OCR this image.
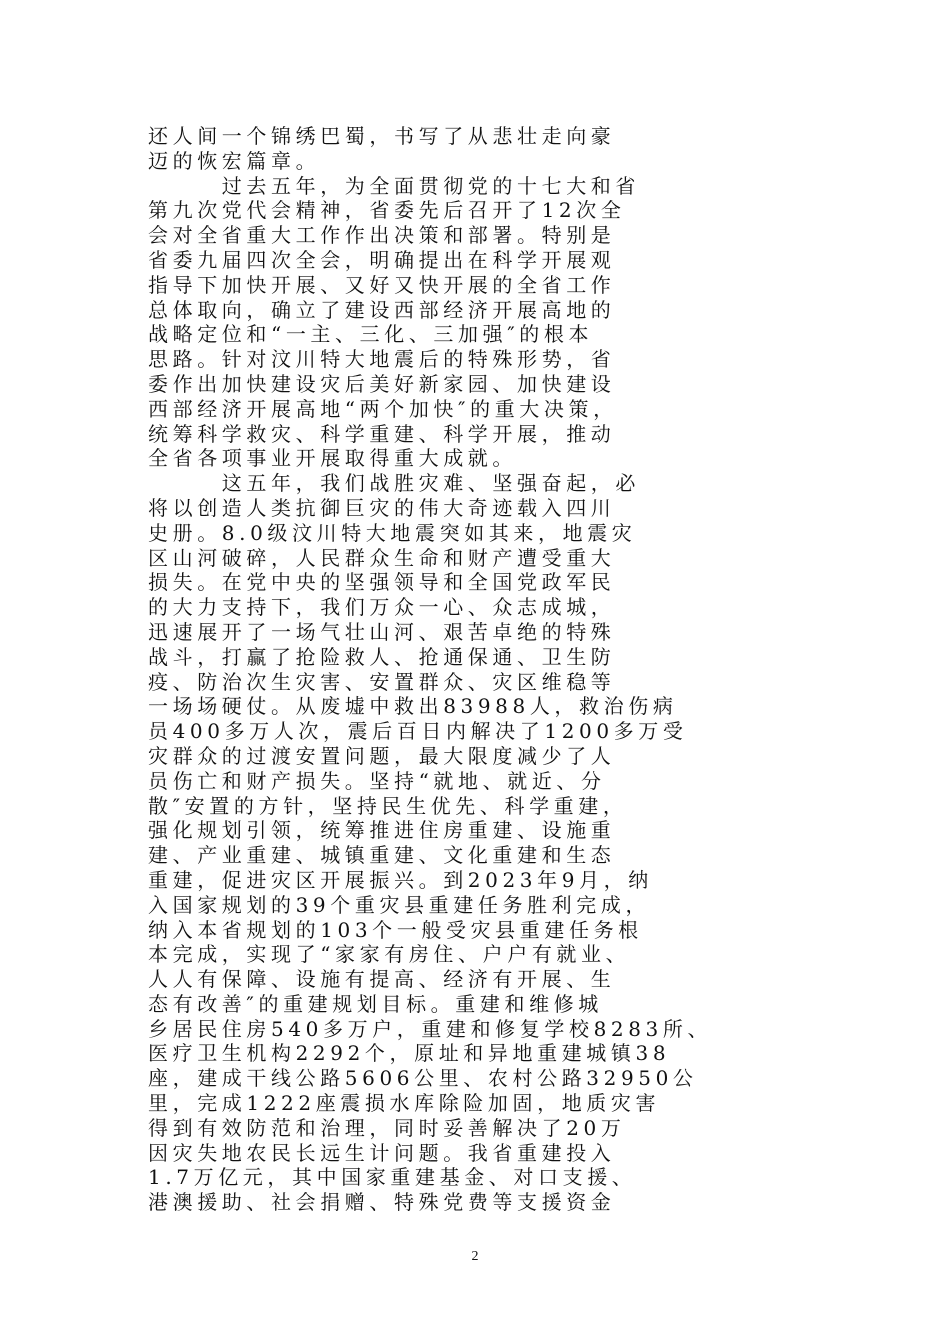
还人间一个锦绣巴蜀，书写了从悲壮走向豪
迈的恢宏篇章。
　　　过去五年，为全面贯彻党的十七大和省
第九次党代会精神，省委先后召开了12次全
会对全省重大工作作出决策和部署。特别是
省委九届四次全会，明确提出在科学开展观
指导下加快开展、又好又快开展的全省工作
总体取向，确立了建设西部经济开展高地的
战略定位和“一主、三化、三加强″的根本
思路。针对汶川特大地震后的特殊形势，省
委作出加快建设灾后美好新家园、加快建设
西部经济开展高地“两个加快″的重大决策，
统筹科学救灾、科学重建、科学开展，推动
全省各项事业开展取得重大成就。
　　　这五年，我们战胜灾难、坚强奋起，必
将以创造人类抗御巨灾的伟大奇迹载入四川
史册。8.0级汶川特大地震突如其来，地震灾
区山河破碎，人民群众生命和财产遭受重大
损失。在党中央的坚强领导和全国党政军民
的大力支持下，我们万众一心、众志成城，
迅速展开了一场气壮山河、艰苦卓绝的特殊
战斗，打赢了抢险救人、抢通保通、卫生防
疫、防治次生灾害、安置群众、灾区维稳等
一场场硬仗。从废墟中救出83988人，救治伤病
员400多万人次，震后百日内解决了1200多万受
灾群众的过渡安置问题，最大限度减少了人
员伤亡和财产损失。坚持“就地、就近、分
散″安置的方针，坚持民生优先、科学重建，
强化规划引领，统筹推进住房重建、设施重
建、产业重建、城镇重建、文化重建和生态
重建，促进灾区开展振兴。到2023年9月，纳
入国家规划的39个重灾县重建任务胜利完成，
纳入本省规划的103个一般受灾县重建任务根
本完成，实现了“家家有房住、户户有就业、
人人有保障、设施有提高、经济有开展、生
态有改善″的重建规划目标。重建和维修城
乡居民住房540多万户，重建和修复学校8283所、
医疗卫生机构2292个，原址和异地重建城镇38
座，建成干线公路5606公里、农村公路32950公
里，完成1222座震损水库除险加固，地质灾害
得到有效防范和治理，同时妥善解决了20万
因灾失地农民长远生计问题。我省重建投入
1.7万亿元，其中国家重建基金、对口支援、
港澳援助、社会捐赠、特殊党费等支援资金
2
